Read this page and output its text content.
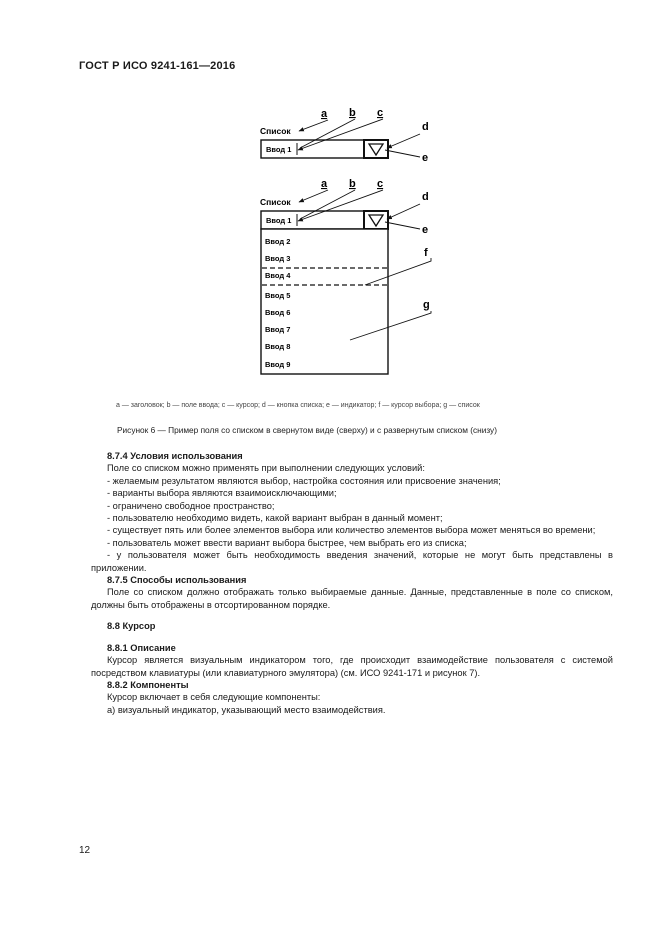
ГОСТ Р ИСО 9241-161—2016
a b c
d
e
Список
Ввод 1
a b c
d
e
f
g
Список
Ввод 1
Ввод 2
Ввод 3
Ввод 4
Ввод 5
Ввод 6
Ввод 7
Ввод 8
Ввод 9
a — заголовок; b — поле ввода; c — курсор; d — кнопка списка; e — индикатор; f — курсор выбора; g — список
Рисунок 6 — Пример поля со списком в свернутом виде (сверху) и с развернутым списком (снизу)

8.7.4 Условия использования

Поле со списком можно применять при выполнении следующих условий:

- желаемым результатом являются выбор, настройка состояния или присвоение значения;

- варианты выбора являются взаимоисключающими;

- ограничено свободное пространство;

- пользователю необходимо видеть, какой вариант выбран в данный момент;

- существует пять или более элементов выбора или количество элементов выбора может меняться во времени;

- пользователь может ввести вариант выбора быстрее, чем выбрать его из списка;

- у пользователя может быть необходимость введения значений, которые не могут быть представлены в приложении.

8.7.5 Способы использования

Поле со списком должно отображать только выбираемые данные. Данные, представленные в поле со списком, должны быть отображены в отсортированном порядке.

8.8 Курсор

8.8.1 Описание

Курсор является визуальным индикатором того, где происходит взаимодействие пользователя с системой посредством клавиатуры (или клавиатурного эмулятора) (см. ИСО 9241-171 и рисунок 7).

8.8.2 Компоненты

Курсор включает в себя следующие компоненты:

a) визуальный индикатор, указывающий место взаимодействия.

12
